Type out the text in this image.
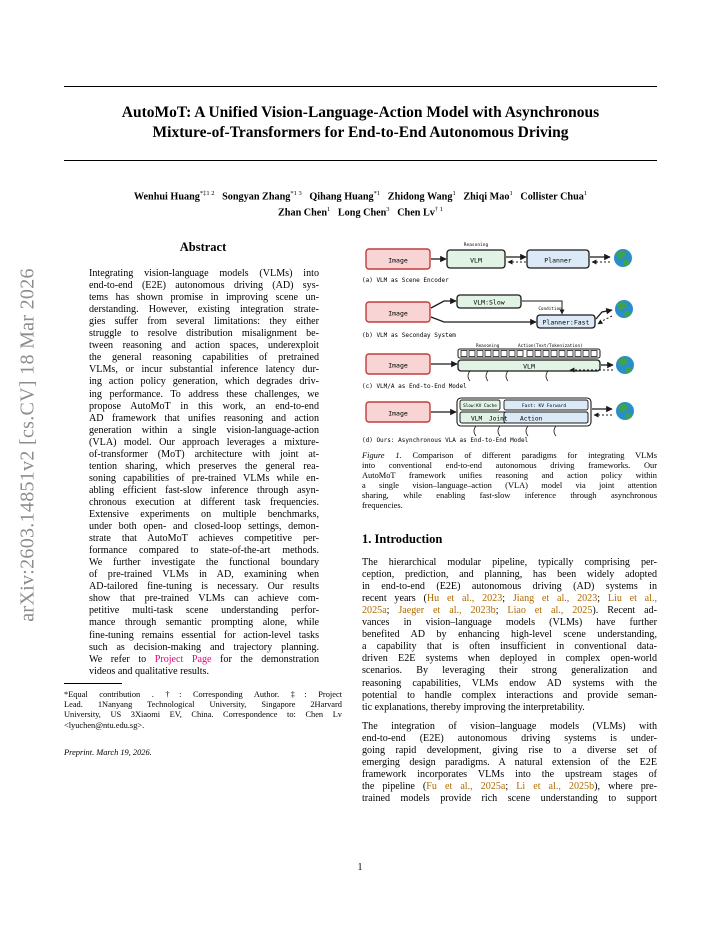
arXiv:2603.14851v2 [cs.CV] 18 Mar 2026
AutoMoT: A Unified Vision-Language-Action Model with Asynchronous
Mixture-of-Transformers for End-to-End Autonomous Driving
Wenhui Huang$^{*\ddagger 1 2}$ Songyan Zhang$^{*1 3}$ Qihang Huang$^{*1}$ Zhidong Wang$^1$ Zhiqi Mao$^1$ Collister Chua$^1$
Zhan Chen$^1$ Long Chen$^3$ Chen Lv$^{\dagger 1}$
Abstract
Integrating vision-language models (VLMs) into
end-to-end (E2E) autonomous driving (AD) sys-
tems has shown promise in improving scene un-
derstanding. However, existing integration strate-
gies suffer from several limitations: they either
struggle to resolve distribution misalignment be-
tween reasoning and action spaces, underexploit
the general reasoning capabilities of pretrained
VLMs, or incur substantial inference latency dur-
ing action policy generation, which degrades driv-
ing performance. To address these challenges, we
propose AutoMoT in this work, an end-to-end
AD framework that unifies reasoning and action
generation within a single vision-language-action
(VLA) model. Our approach leverages a mixture-
of-transformer (MoT) architecture with joint at-
tention sharing, which preserves the general rea-
soning capabilities of pre-trained VLMs while en-
abling efficient fast-slow inference through asyn-
chronous execution at different task frequencies.
Extensive experiments on multiple benchmarks,
under both open- and closed-loop settings, demon-
strate that AutoMoT achieves competitive per-
formance compared to state-of-the-art methods.
We further investigate the functional boundary
of pre-trained VLMs in AD, examining when
AD-tailored fine-tuning is necessary. Our results
show that pre-trained VLMs can achieve com-
petitive multi-task scene understanding perfor-
mance through semantic prompting alone, while
fine-tuning remains essential for action-level tasks
such as decision-making and trajectory planning.
We refer to Project Page for the demonstration
videos and qualitative results.
*Equal contribution . †: Corresponding Author. ‡: Project
Lead. 1Nanyang Technological University, Singapore 2Harvard
University, US 3Xiaomi EV, China. Correspondence to: Chen Lv
<lyuchen@ntu.edu.sg>.
Preprint. March 19, 2026.
Image	VLM
Reasoning
Planner
(a) VLM as Scene Encoder
Image
VLM:Slow
Condition
Planner:Fast
(b) VLM as Seconday System
Reasoning	Action(Text/Tokenization)
Image	VLM
(c) VLM/A as End-to-End Model
Image
Slow:KV Cache	Fast: KV Forward
VLM Joint Action
(d) Ours: Asynchronous VLA as End-to-End Model
Figure 1. Comparison of different paradigms for integrating VLMs
into conventional end-to-end autonomous driving frameworks. Our
AutoMoT framework unifies reasoning and action policy within
a single vision–language–action (VLA) model via joint attention
sharing, while enabling fast-slow inference through asynchronous
frequencies.
1. Introduction
The hierarchical modular pipeline, typically comprising per-
ception, prediction, and planning, has been widely adopted
in end-to-end (E2E) autonomous driving (AD) systems in
recent years (Hu et al., 2023; Jiang et al., 2023; Liu et al.,
2025a; Jaeger et al., 2023b; Liao et al., 2025). Recent ad-
vances in vision–language models (VLMs) have further
benefited AD by enhancing high-level scene understanding,
a capability that is often insufficient in conventional data-
driven E2E systems when deployed in complex open-world
scenarios. By leveraging their strong generalization and
reasoning capabilities, VLMs endow AD systems with the
potential to handle complex interactions and provide seman-
tic explanations, thereby improving the interpretability.
The integration of vision–language models (VLMs) with
end-to-end (E2E) autonomous driving systems is under-
going rapid development, giving rise to a diverse set of
emerging design paradigms. A natural extension of the E2E
framework incorporates VLMs into the upstream stages of
the pipeline (Fu et al., 2025a; Li et al., 2025b), where pre-
trained models provide rich scene understanding to support
1
